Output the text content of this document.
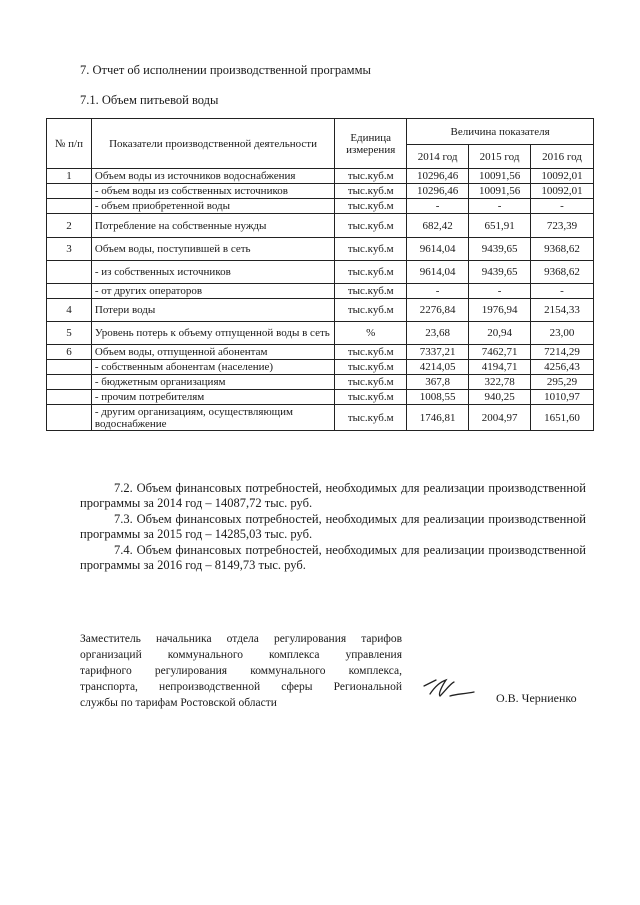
7. Отчет об исполнении производственной программы
7.1. Объем питьевой воды
№ п/п	Показатели производственной деятельности	Единица измерения	Величина показателя		
			2014 год	2015 год	2016 год
1	Объем воды из источников водоснабжения	тыс.куб.м	10296,46	10091,56	10092,01
	- объем воды из собственных источников	тыс.куб.м	10296,46	10091,56	10092,01
	- объем приобретенной воды	тыс.куб.м	-	-	-
2	Потребление на собственные нужды	тыс.куб.м	682,42	651,91	723,39
3	Объем воды, поступившей в сеть	тыс.куб.м	9614,04	9439,65	9368,62
	- из собственных источников	тыс.куб.м	9614,04	9439,65	9368,62
	- от других операторов	тыс.куб.м	-	-	-
4	Потери воды	тыс.куб.м	2276,84	1976,94	2154,33
5	Уровень потерь к объему отпущенной воды в сеть	%	23,68	20,94	23,00
6	Объем воды, отпущенной абонентам	тыс.куб.м	7337,21	7462,71	7214,29
	- собственным абонентам (население)	тыс.куб.м	4214,05	4194,71	4256,43
	- бюджетным организациям	тыс.куб.м	367,8	322,78	295,29
	- прочим потребителям	тыс.куб.м	1008,55	940,25	1010,97
	- другим организациям, осуществляющим водоснабжение	тыс.куб.м	1746,81	2004,97	1651,60
7.2. Объем финансовых потребностей, необходимых для реализации производственной программы за 2014 год – 14087,72 тыс. руб.
7.3. Объем финансовых потребностей, необходимых для реализации производственной программы за 2015 год – 14285,03 тыс. руб.
7.4. Объем финансовых потребностей, необходимых для реализации производственной программы за 2016 год – 8149,73 тыс. руб.
Заместитель начальника отдела регулирования тарифов
организаций коммунального комплекса управления
тарифного регулирования коммунального комплекса,
транспорта, непроизводственной сферы Региональной
службы по тарифам Ростовской области	О.В. Черниенко
